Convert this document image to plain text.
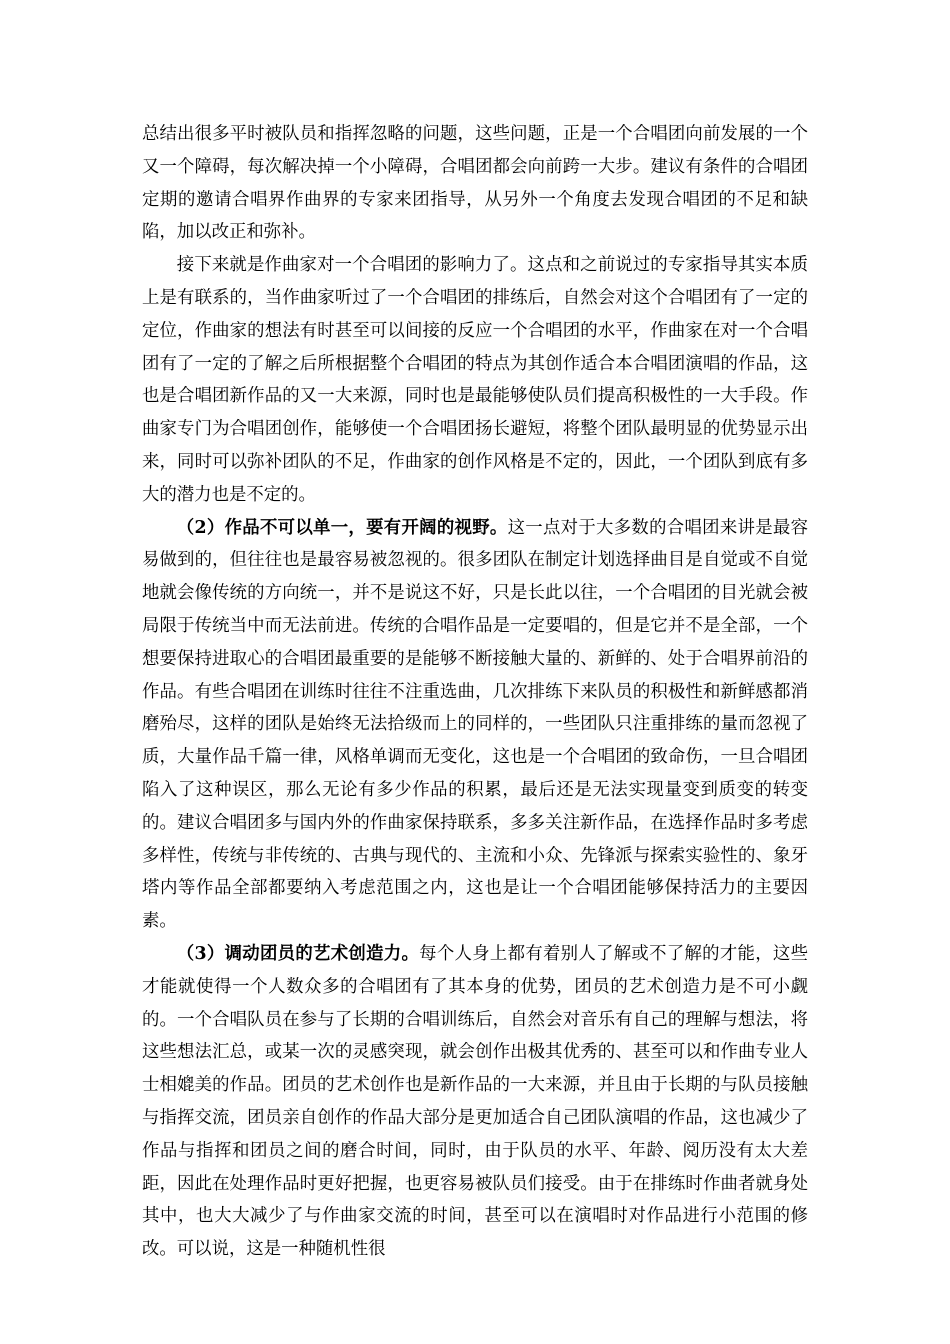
总结出很多平时被队员和指挥忽略的问题，这些问题，正是一个合唱团向前发展的一个又一个障碍，每次解决掉一个小障碍，合唱团都会向前跨一大步。建议有条件的合唱团定期的邀请合唱界作曲界的专家来团指导，从另外一个角度去发现合唱团的不足和缺陷，加以改正和弥补。

接下来就是作曲家对一个合唱团的影响力了。这点和之前说过的专家指导其实本质上是有联系的，当作曲家听过了一个合唱团的排练后，自然会对这个合唱团有了一定的定位，作曲家的想法有时甚至可以间接的反应一个合唱团的水平，作曲家在对一个合唱团有了一定的了解之后所根据整个合唱团的特点为其创作适合本合唱团演唱的作品，这也是合唱团新作品的又一大来源，同时也是最能够使队员们提高积极性的一大手段。作曲家专门为合唱团创作，能够使一个合唱团扬长避短，将整个团队最明显的优势显示出来，同时可以弥补团队的不足，作曲家的创作风格是不定的，因此，一个团队到底有多大的潜力也是不定的。

（2）作品不可以单一，要有开阔的视野。这一点对于大多数的合唱团来讲是最容易做到的，但往往也是最容易被忽视的。很多团队在制定计划选择曲目是自觉或不自觉地就会像传统的方向统一，并不是说这不好，只是长此以往，一个合唱团的目光就会被局限于传统当中而无法前进。传统的合唱作品是一定要唱的，但是它并不是全部，一个想要保持进取心的合唱团最重要的是能够不断接触大量的、新鲜的、处于合唱界前沿的作品。有些合唱团在训练时往往不注重选曲，几次排练下来队员的积极性和新鲜感都消磨殆尽，这样的团队是始终无法拾级而上的同样的，一些团队只注重排练的量而忽视了质，大量作品千篇一律，风格单调而无变化，这也是一个合唱团的致命伤，一旦合唱团陷入了这种误区，那么无论有多少作品的积累，最后还是无法实现量变到质变的转变的。建议合唱团多与国内外的作曲家保持联系，多多关注新作品，在选择作品时多考虑多样性，传统与非传统的、古典与现代的、主流和小众、先锋派与探索实验性的、象牙塔内等作品全部都要纳入考虑范围之内，这也是让一个合唱团能够保持活力的主要因素。

（3）调动团员的艺术创造力。每个人身上都有着别人了解或不了解的才能，这些才能就使得一个人数众多的合唱团有了其本身的优势，团员的艺术创造力是不可小觑的。一个合唱队员在参与了长期的合唱训练后，自然会对音乐有自己的理解与想法，将这些想法汇总，或某一次的灵感突现，就会创作出极其优秀的、甚至可以和作曲专业人士相媲美的作品。团员的艺术创作也是新作品的一大来源，并且由于长期的与队员接触与指挥交流，团员亲自创作的作品大部分是更加适合自己团队演唱的作品，这也减少了作品与指挥和团员之间的磨合时间，同时，由于队员的水平、年龄、阅历没有太大差距，因此在处理作品时更好把握，也更容易被队员们接受。由于在排练时作曲者就身处其中，也大大减少了与作曲家交流的时间，甚至可以在演唱时对作品进行小范围的修改。可以说，这是一种随机性很
